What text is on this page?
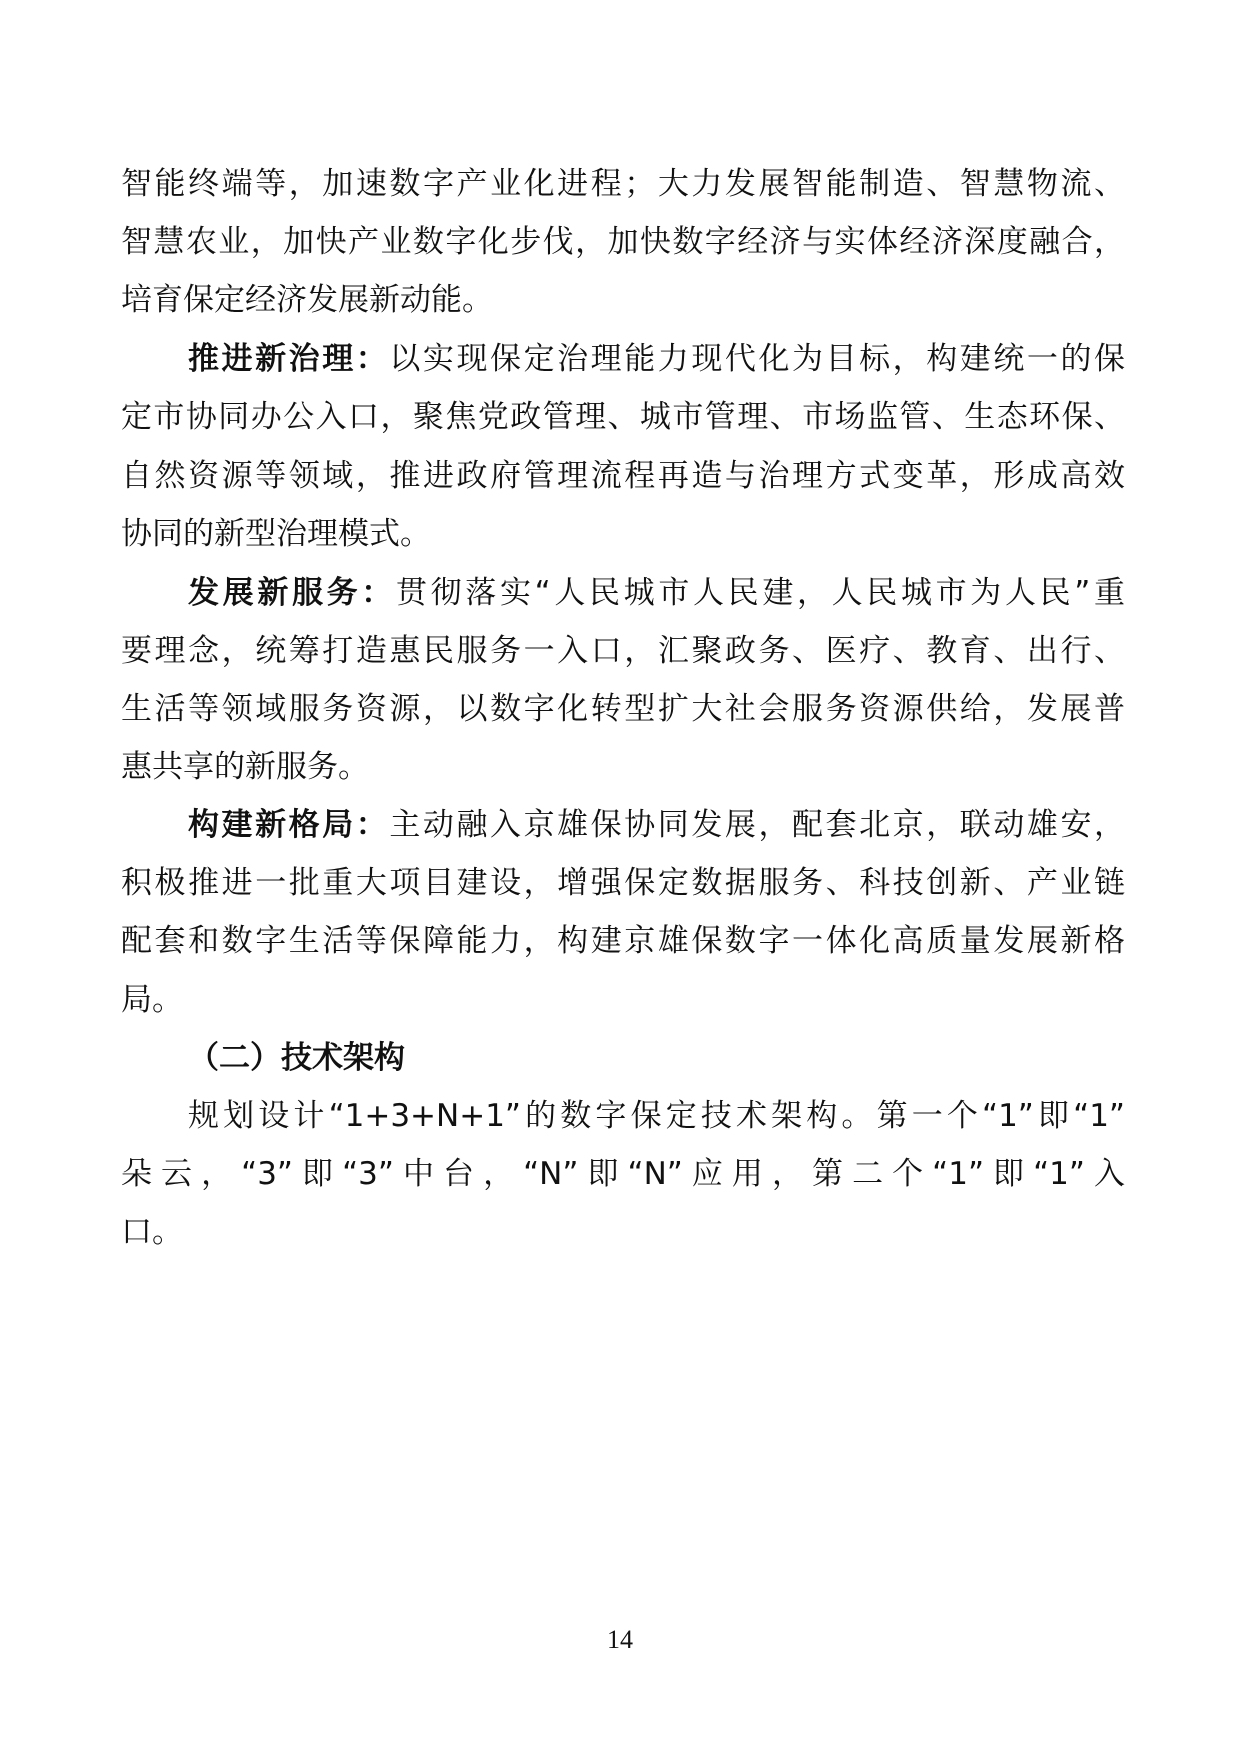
智能终端等，加速数字产业化进程；大力发展智能制造、智慧物流、
智慧农业，加快产业数字化步伐，加快数字经济与实体经济深度融合，
培育保定经济发展新动能。
推进新治理：以实现保定治理能力现代化为目标，构建统一的保
定市协同办公入口，聚焦党政管理、城市管理、市场监管、生态环保、
自然资源等领域，推进政府管理流程再造与治理方式变革，形成高效
协同的新型治理模式。
发展新服务：贯彻落实“人民城市人民建，人民城市为人民”重
要理念，统筹打造惠民服务一入口，汇聚政务、医疗、教育、出行、
生活等领域服务资源，以数字化转型扩大社会服务资源供给，发展普
惠共享的新服务。
构建新格局：主动融入京雄保协同发展，配套北京，联动雄安，
积极推进一批重大项目建设，增强保定数据服务、科技创新、产业链
配套和数字生活等保障能力，构建京雄保数字一体化高质量发展新格
局。
（二）技术架构
规划设计“1+3+N+1”的数字保定技术架构。第一个“1”即“1”
朵云，“3”即“3”中台，“N”即“N”应用，第二个“1”即“1”入
口。
14
